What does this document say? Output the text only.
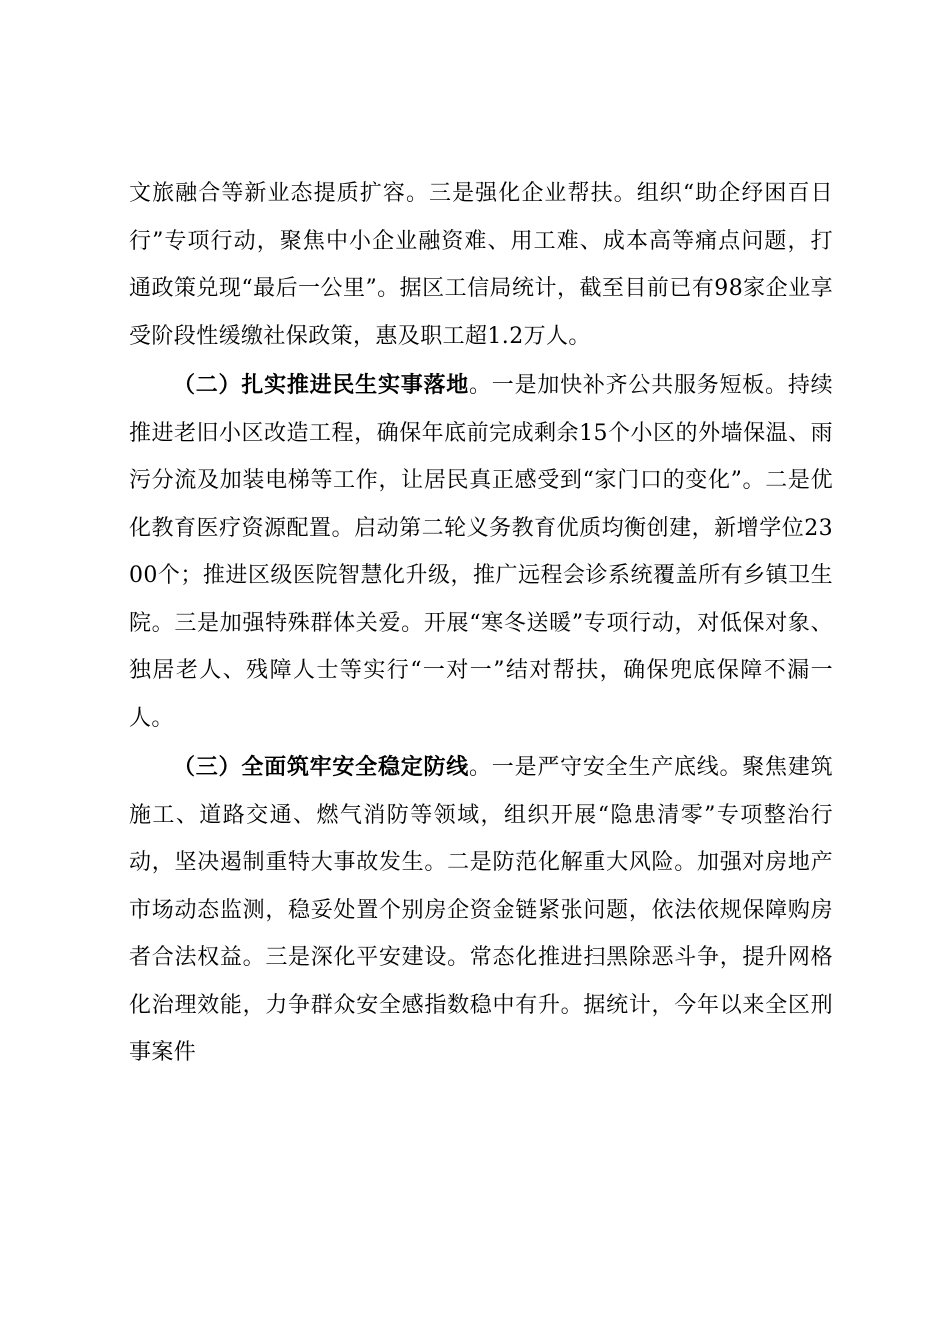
文旅融合等新业态提质扩容。三是强化企业帮扶。组织“助企纾困百日行”专项行动，聚焦中小企业融资难、用工难、成本高等痛点问题，打通政策兑现“最后一公里”。据区工信局统计，截至目前已有98家企业享受阶段性缓缴社保政策，惠及职工超1.2万人。

（二）扎实推进民生实事落地。一是加快补齐公共服务短板。持续推进老旧小区改造工程，确保年底前完成剩余15个小区的外墙保温、雨污分流及加装电梯等工作，让居民真正感受到“家门口的变化”。二是优化教育医疗资源配置。启动第二轮义务教育优质均衡创建，新增学位2300个；推进区级医院智慧化升级，推广远程会诊系统覆盖所有乡镇卫生院。三是加强特殊群体关爱。开展“寒冬送暖”专项行动，对低保对象、独居老人、残障人士等实行“一对一”结对帮扶，确保兜底保障不漏一人。

（三）全面筑牢安全稳定防线。一是严守安全生产底线。聚焦建筑施工、道路交通、燃气消防等领域，组织开展“隐患清零”专项整治行动，坚决遏制重特大事故发生。二是防范化解重大风险。加强对房地产市场动态监测，稳妥处置个别房企资金链紧张问题，依法依规保障购房者合法权益。三是深化平安建设。常态化推进扫黑除恶斗争，提升网格化治理效能，力争群众安全感指数稳中有升。据统计，今年以来全区刑事案件
